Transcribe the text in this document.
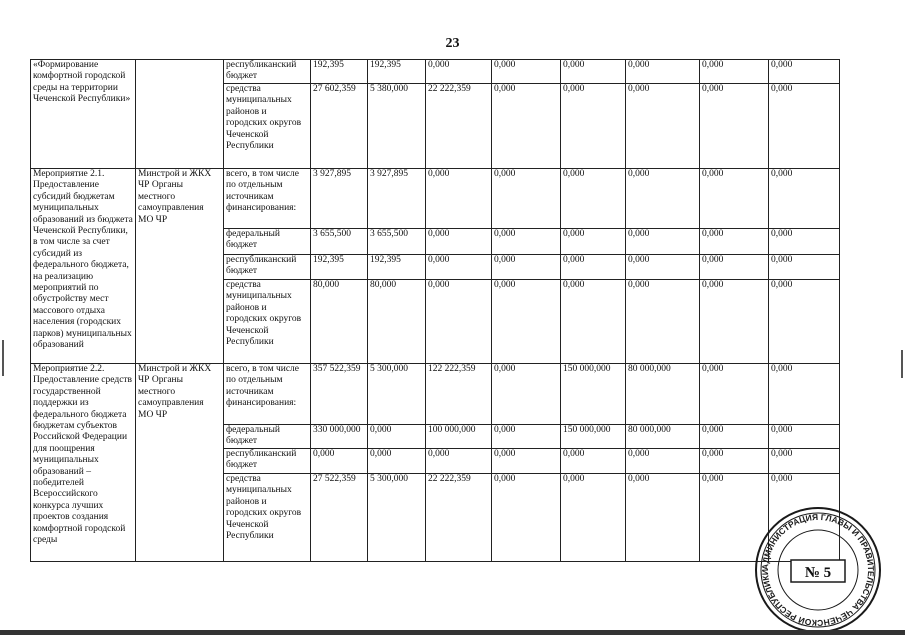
23
«Формирование комфортной городской среды на территории Чеченской Республики»		республиканский бюджет	192,395	192,395	0,000	0,000	0,000	0,000	0,000	0,000
		средства муниципальных районов и городских округов Чеченской Республики	27 602,359	5 380,000	22 222,359	0,000	0,000	0,000	0,000	0,000
Мероприятие 2.1. Предоставление субсидий бюджетам муниципальных образований из бюджета Чеченской Республики, в том числе за счет субсидий из федерального бюджета, на реализацию мероприятий по обустройству мест массового отдыха населения (городских парков) муниципальных образований	Минстрой и ЖКХ ЧР Органы местного самоуправления МО ЧР	всего, в том числе по отдельным источникам финансирования:	3 927,895	3 927,895	0,000	0,000	0,000	0,000	0,000	0,000
		федеральный бюджет	3 655,500	3 655,500	0,000	0,000	0,000	0,000	0,000	0,000
		республиканский бюджет	192,395	192,395	0,000	0,000	0,000	0,000	0,000	0,000
		средства муниципальных районов и городских округов Чеченской Республики	80,000	80,000	0,000	0,000	0,000	0,000	0,000	0,000
Мероприятие 2.2. Предоставление средств государственной поддержки из федерального бюджета бюджетам субъектов Российской Федерации для поощрения муниципальных образований – победителей Всероссийского конкурса лучших проектов создания комфортной городской среды	Минстрой и ЖКХ ЧР Органы местного самоуправления МО ЧР	всего, в том числе по отдельным источникам финансирования:	357 522,359	5 300,000	122 222,359	0,000	150 000,000	80 000,000	0,000	0,000
		федеральный бюджет	330 000,000	0,000	100 000,000	0,000	150 000,000	80 000,000	0,000	0,000
		республиканский бюджет	0,000	0,000	0,000	0,000	0,000	0,000	0,000	0,000
		средства муниципальных районов и городских округов Чеченской Республики	27 522,359	5 300,000	22 222,359	0,000	0,000	0,000	0,000	0,000
АДМИНИСТРАЦИЯ ГЛАВЫ И ПРАВИТЕЛЬСТВА ЧЕЧЕНСКОЙ РЕСПУБЛИКИ	№ 5
